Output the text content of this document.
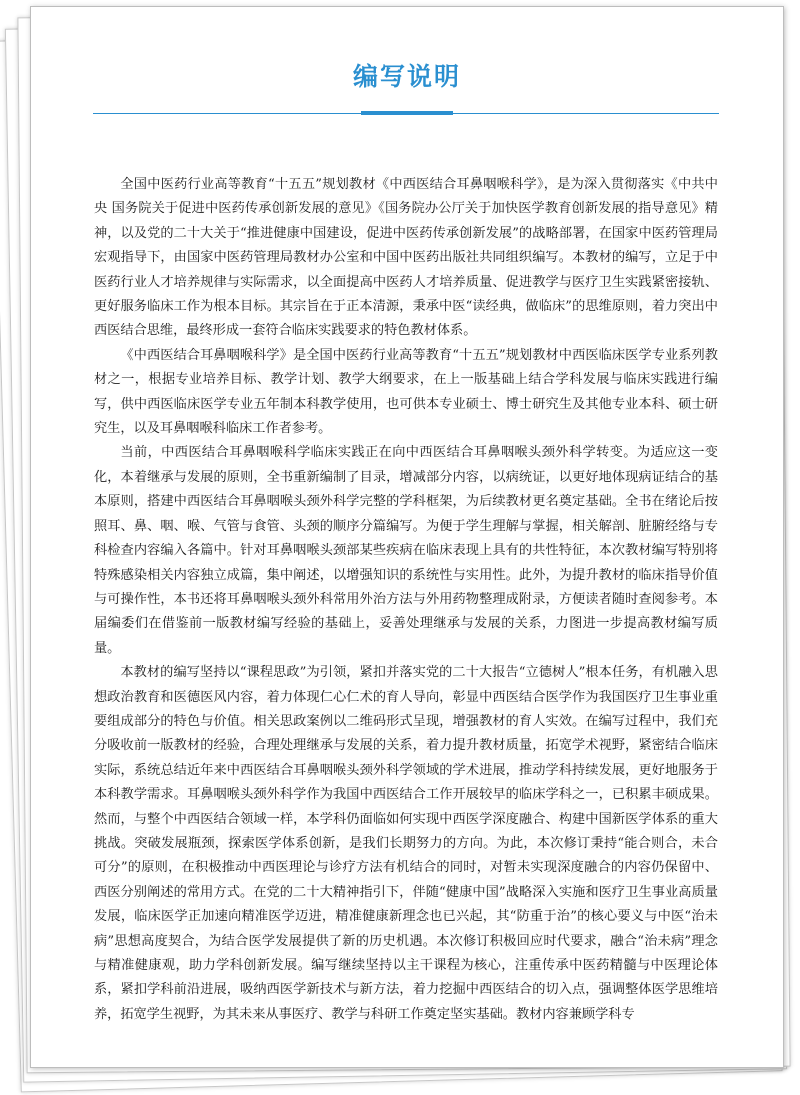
编写说明

全国中医药行业高等教育“十五五”规划教材《中西医结合耳鼻咽喉科学》，是为深入贯彻落实《中共中央 国务院关于促进中医药传承创新发展的意见》《国务院办公厅关于加快医学教育创新发展的指导意见》精神，以及党的二十大关于“推进健康中国建设，促进中医药传承创新发展”的战略部署，在国家中医药管理局宏观指导下，由国家中医药管理局教材办公室和中国中医药出版社共同组织编写。本教材的编写，立足于中医药行业人才培养规律与实际需求，以全面提高中医药人才培养质量、促进教学与医疗卫生实践紧密接轨、更好服务临床工作为根本目标。其宗旨在于正本清源，秉承中医“读经典，做临床”的思维原则，着力突出中西医结合思维，最终形成一套符合临床实践要求的特色教材体系。

《中西医结合耳鼻咽喉科学》是全国中医药行业高等教育“十五五”规划教材中西医临床医学专业系列教材之一，根据专业培养目标、教学计划、教学大纲要求，在上一版基础上结合学科发展与临床实践进行编写，供中西医临床医学专业五年制本科教学使用，也可供本专业硕士、博士研究生及其他专业本科、硕士研究生，以及耳鼻咽喉科临床工作者参考。

当前，中西医结合耳鼻咽喉科学临床实践正在向中西医结合耳鼻咽喉头颈外科学转变。为适应这一变化，本着继承与发展的原则，全书重新编制了目录，增减部分内容，以病统证，以更好地体现病证结合的基本原则，搭建中西医结合耳鼻咽喉头颈外科学完整的学科框架，为后续教材更名奠定基础。全书在绪论后按照耳、鼻、咽、喉、气管与食管、头颈的顺序分篇编写。为便于学生理解与掌握，相关解剖、脏腑经络与专科检查内容编入各篇中。针对耳鼻咽喉头颈部某些疾病在临床表现上具有的共性特征，本次教材编写特别将特殊感染相关内容独立成篇，集中阐述，以增强知识的系统性与实用性。此外，为提升教材的临床指导价值与可操作性，本书还将耳鼻咽喉头颈外科常用外治方法与外用药物整理成附录，方便读者随时查阅参考。本届编委们在借鉴前一版教材编写经验的基础上，妥善处理继承与发展的关系，力图进一步提高教材编写质量。

本教材的编写坚持以“课程思政”为引领，紧扣并落实党的二十大报告“立德树人”根本任务，有机融入思想政治教育和医德医风内容，着力体现仁心仁术的育人导向，彰显中西医结合医学作为我国医疗卫生事业重要组成部分的特色与价值。相关思政案例以二维码形式呈现，增强教材的育人实效。在编写过程中，我们充分吸收前一版教材的经验，合理处理继承与发展的关系，着力提升教材质量，拓宽学术视野，紧密结合临床实际，系统总结近年来中西医结合耳鼻咽喉头颈外科学领域的学术进展，推动学科持续发展，更好地服务于本科教学需求。耳鼻咽喉头颈外科学作为我国中西医结合工作开展较早的临床学科之一，已积累丰硕成果。然而，与整个中西医结合领域一样，本学科仍面临如何实现中西医学深度融合、构建中国新医学体系的重大挑战。突破发展瓶颈，探索医学体系创新，是我们长期努力的方向。为此，本次修订秉持“能合则合，未合可分”的原则，在积极推动中西医理论与诊疗方法有机结合的同时，对暂未实现深度融合的内容仍保留中、西医分别阐述的常用方式。在党的二十大精神指引下，伴随“健康中国”战略深入实施和医疗卫生事业高质量发展，临床医学正加速向精准医学迈进，精准健康新理念也已兴起，其“防重于治”的核心要义与中医“治未病”思想高度契合，为结合医学发展提供了新的历史机遇。本次修订积极回应时代要求，融合“治未病”理念与精准健康观，助力学科创新发展。编写继续坚持以主干课程为核心，注重传承中医药精髓与中医理论体系，紧扣学科前沿进展，吸纳西医学新技术与新方法，着力挖掘中西医结合的切入点，强调整体医学思维培养，拓宽学生视野，为其未来从事医疗、教学与科研工作奠定坚实基础。教材内容兼顾学科专
